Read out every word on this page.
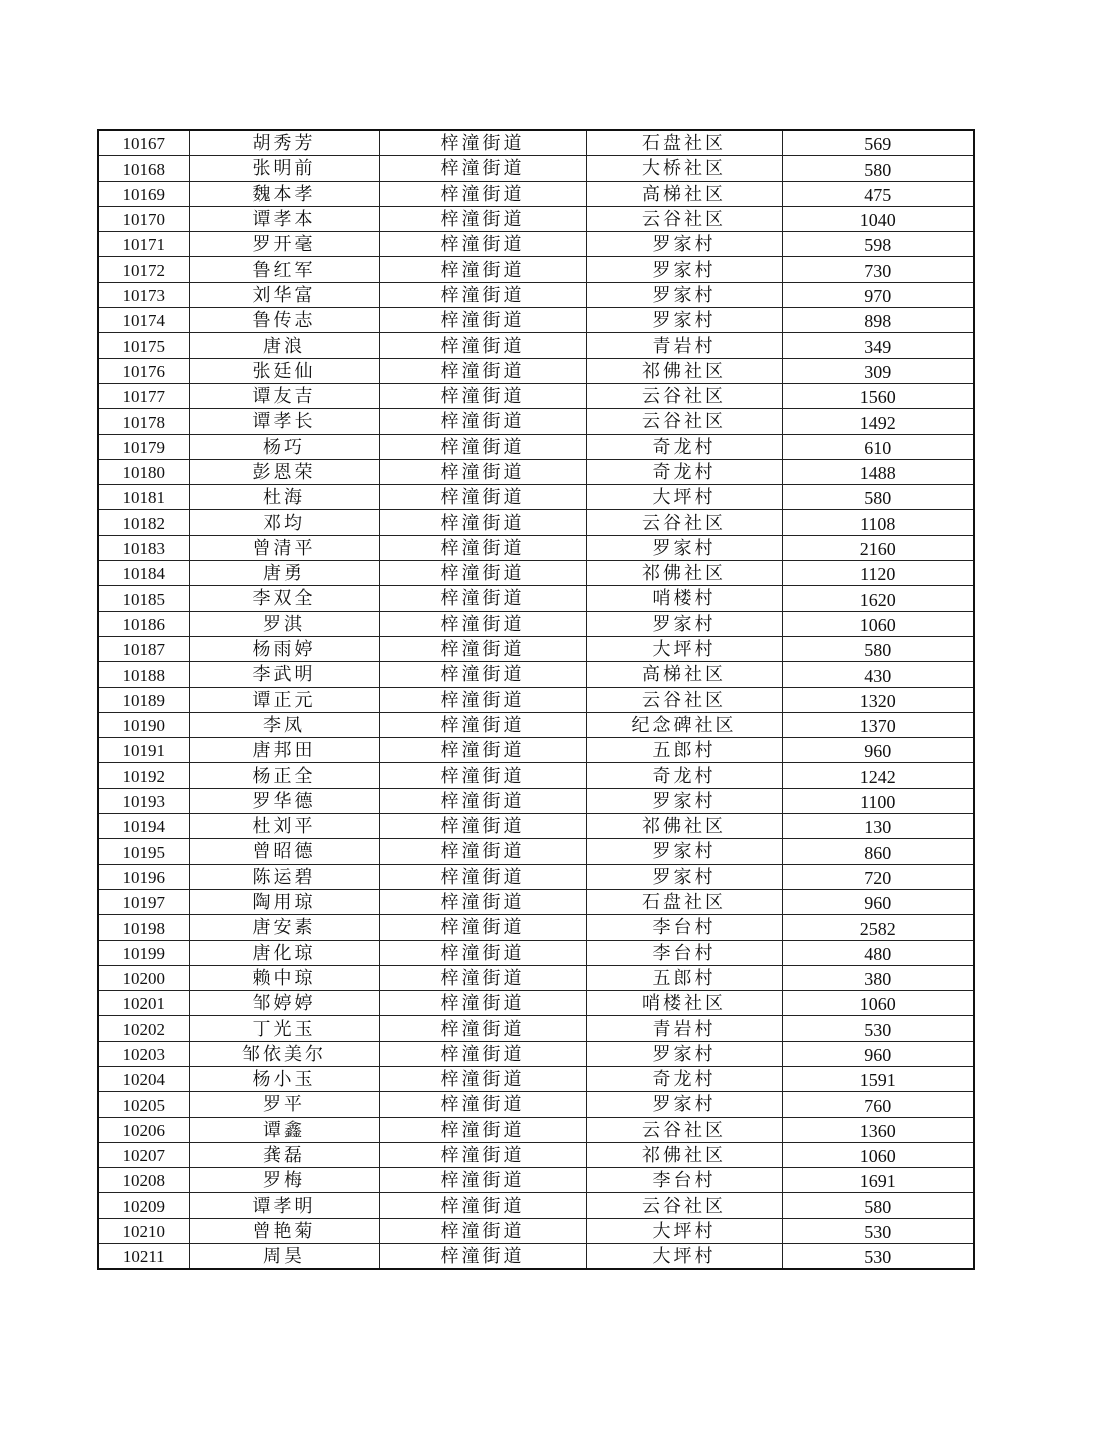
10167	胡秀芳	梓潼街道	石盘社区	569
10168	张明前	梓潼街道	大桥社区	580
10169	魏本孝	梓潼街道	高梯社区	475
10170	谭孝本	梓潼街道	云谷社区	1040
10171	罗开毫	梓潼街道	罗家村	598
10172	鲁红军	梓潼街道	罗家村	730
10173	刘华富	梓潼街道	罗家村	970
10174	鲁传志	梓潼街道	罗家村	898
10175	唐浪	梓潼街道	青岩村	349
10176	张廷仙	梓潼街道	祁佛社区	309
10177	谭友吉	梓潼街道	云谷社区	1560
10178	谭孝长	梓潼街道	云谷社区	1492
10179	杨巧	梓潼街道	奇龙村	610
10180	彭恩荣	梓潼街道	奇龙村	1488
10181	杜海	梓潼街道	大坪村	580
10182	邓均	梓潼街道	云谷社区	1108
10183	曾清平	梓潼街道	罗家村	2160
10184	唐勇	梓潼街道	祁佛社区	1120
10185	李双全	梓潼街道	哨楼村	1620
10186	罗淇	梓潼街道	罗家村	1060
10187	杨雨婷	梓潼街道	大坪村	580
10188	李武明	梓潼街道	高梯社区	430
10189	谭正元	梓潼街道	云谷社区	1320
10190	李凤	梓潼街道	纪念碑社区	1370
10191	唐邦田	梓潼街道	五郎村	960
10192	杨正全	梓潼街道	奇龙村	1242
10193	罗华德	梓潼街道	罗家村	1100
10194	杜刘平	梓潼街道	祁佛社区	130
10195	曾昭德	梓潼街道	罗家村	860
10196	陈运碧	梓潼街道	罗家村	720
10197	陶用琼	梓潼街道	石盘社区	960
10198	唐安素	梓潼街道	李台村	2582
10199	唐化琼	梓潼街道	李台村	480
10200	赖中琼	梓潼街道	五郎村	380
10201	邹婷婷	梓潼街道	哨楼社区	1060
10202	丁光玉	梓潼街道	青岩村	530
10203	邹依美尔	梓潼街道	罗家村	960
10204	杨小玉	梓潼街道	奇龙村	1591
10205	罗平	梓潼街道	罗家村	760
10206	谭鑫	梓潼街道	云谷社区	1360
10207	龚磊	梓潼街道	祁佛社区	1060
10208	罗梅	梓潼街道	李台村	1691
10209	谭孝明	梓潼街道	云谷社区	580
10210	曾艳菊	梓潼街道	大坪村	530
10211	周昊	梓潼街道	大坪村	530
